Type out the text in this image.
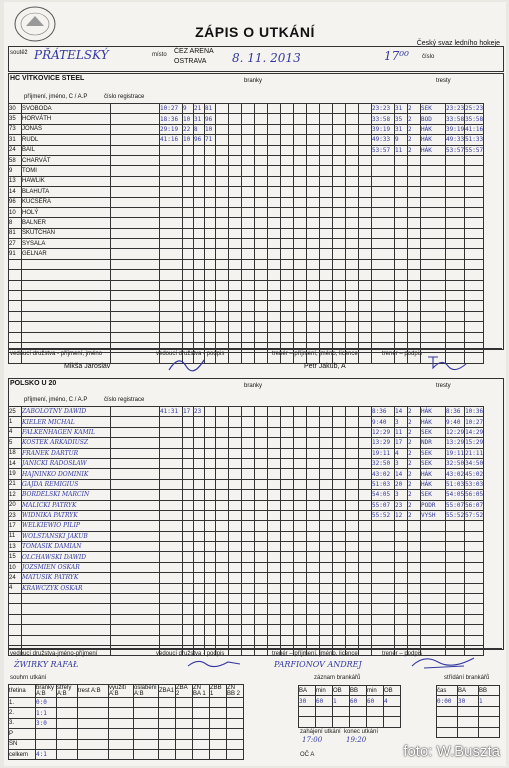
ZÁPIS O UTKÁNÍ
Český svaz ledního hokeje
soutěž PŘÁTELSKÝ	místo ČEZ ARENA
OSTRAVA 8. 11. 2013	17⁰⁰ číslo
HC VÍTKOVICE STEEL	branky	tresty
příjmení, jméno, C / A.P	číslo registrace
30	SVOBODA		10:27	9	21	81													23:23	31	2	SEK	23:23	25:23
35	HORVÁTH		18:36	10	31	96													33:58	35	2	BOD	33:58	35:58
73	JONÁŠ		29:19	22	8	10													39:19	31	2	HÁK	39:19	41:16
31	RUDL		41:16	10	96	71													49:33	9	2	HÁK	49:33	51:33
24	BAIL																		53:57	11	2	HÁK	53:57	55:57
58	CHARVÁT																							
9	TOMI																							
13	HAWLIK																							
14	BLAHUTA																							
96	KUCSERA																							
10	HOLÝ																							
8	BALNER																							
81	SKUTCHAN																							
27	SYSALA																							
91	GELNAR																							

vedoucí družstva - příjmení, jméno
Mikša Jaroslav
vedoucí družstva - podpis	trenér – příjmení, jméno, licence
Petr Jakub, A
trenér – podpis
POLSKO U 20	branky	tresty
příjmení, jméno, C / A.P	číslo registrace
25	ZABOLOTNY DAWID		41:31	17	23														8:36	14	2	HÁK	8:36	10:36
1	KIELER MICHAL																		9:40	3	2	HÁK	9:40	10:27
4	FALKENHAGEN KAMIL																		12:29	11	2	SEK	12:29	14:29
5	KOSTEK ARKADIUSZ																		13:29	17	2	NDR	13:29	15:29
18	FRANEK DARTUR																		19:11	4	2	SEK	19:11	21:11
14	JANICKI RADOSŁAW																		32:50	3	2	SEK	32:50	34:50
19	HAJNINKO DOMINIK																		43:02	14	2	HÁK	43:02	45:02
21	GAJDA REMIGIUS																		51:03	20	2	HÁK	51:03	53:03
12	BORDELSKI MARCIN																		54:05	3	2	SEK	54:05	56:05
20	MALICKI PATRYK																		55:07	23	2	PODR	55:07	56:07
23	WIDNIKA PATRYK																		55:52	12	2	VYSH	55:52	57:52
17	WELKIEWIO PILIP																							
11	WOLSTANSKI JAKUB																							
13	TOMASIK DAMIAN																							
15	OLCHAWSKI DAWID																							
10	JOZSMIEN OSKAR																							
24	MATUSIK PATRYK																							
4	KRAWCZYK OSKAR																							

vedoucí družstva-jméno-příjmení
ŻWIRKY RAFAŁ
vedoucí družstva - podpis	trenér – příjmení, jméno, licence
PARFIONOV ANDREJ
trenér – podpis
souhrn utkání
třetina	branky A:B	střely A:B	trest A:B	využití A:B	oslabení A:B	ZBA1	ZBA 2	ZN BA 1	ZBB 1	ZN BB 2
1.	0:0									
2.	1:1									
3.	3:0									
P										
SN										
celkem	4:1									
záznam brankářů
BA	min	OB	BB	min	OB
30	60	1	60	60	4

zahájení utkání
17:00
konec utkání
19:20
OČ A
střídání brankářů
čas	BA	BB
0:00	30	1

foto: W.Buszta
